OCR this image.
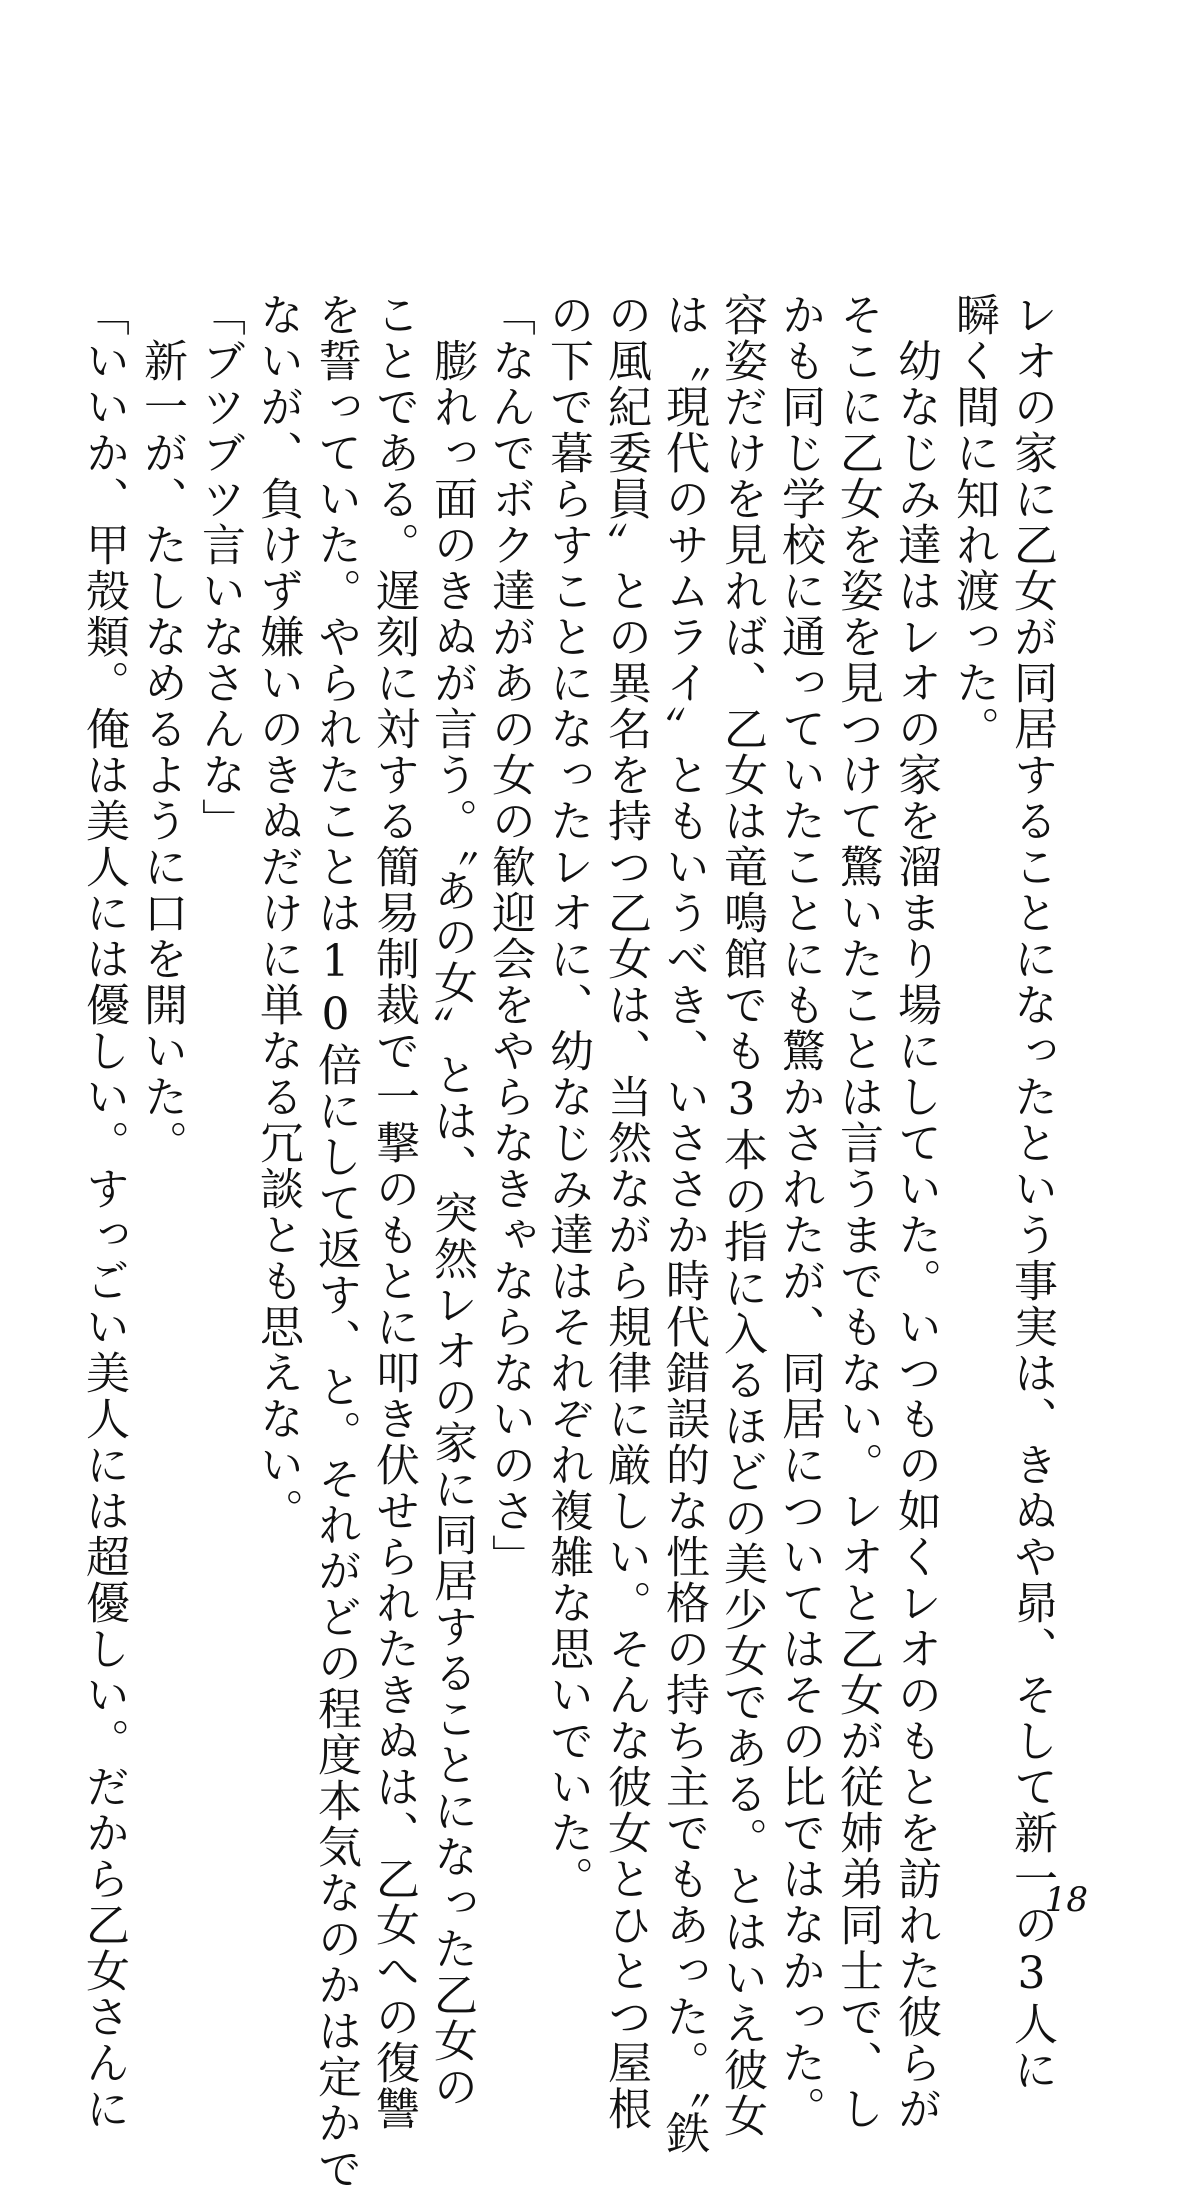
レオの家に乙女が同居することになったという事実は、きぬや昴、そして新一の3人に
瞬く間に知れ渡った。
幼なじみ達はレオの家を溜まり場にしていた。いつもの如くレオのもとを訪れた彼らが
そこに乙女を姿を見つけて驚いたことは言うまでもない。レオと乙女が従姉弟同士で、し
かも同じ学校に通っていたことにも驚かされたが、同居についてはその比ではなかった。
容姿だけを見れば、乙女は竜鳴館でも3本の指に入るほどの美少女である。とはいえ彼女
は〝現代のサムライ〟ともいうべき、いささか時代錯誤的な性格の持ち主でもあった。〝鉄
の風紀委員〟との異名を持つ乙女は、当然ながら規律に厳しい。そんな彼女とひとつ屋根
の下で暮らすことになったレオに、幼なじみ達はそれぞれ複雑な思いでいた。
「なんでボク達があの女の歓迎会をやらなきゃならないのさ」
膨れっ面のきぬが言う。〝あの女〟とは、突然レオの家に同居することになった乙女の
ことである。遅刻に対する簡易制裁で一撃のもとに叩き伏せられたきぬは、乙女への復讐
を誓っていた。やられたことは10倍にして返す、と。それがどの程度本気なのかは定かで
ないが、負けず嫌いのきぬだけに単なる冗談とも思えない。
「ブツブツ言いなさんな」
新一が、たしなめるように口を開いた。
「いいか、甲殻類。俺は美人には優しい。すっごい美人には超優しい。だから乙女さんに	18
